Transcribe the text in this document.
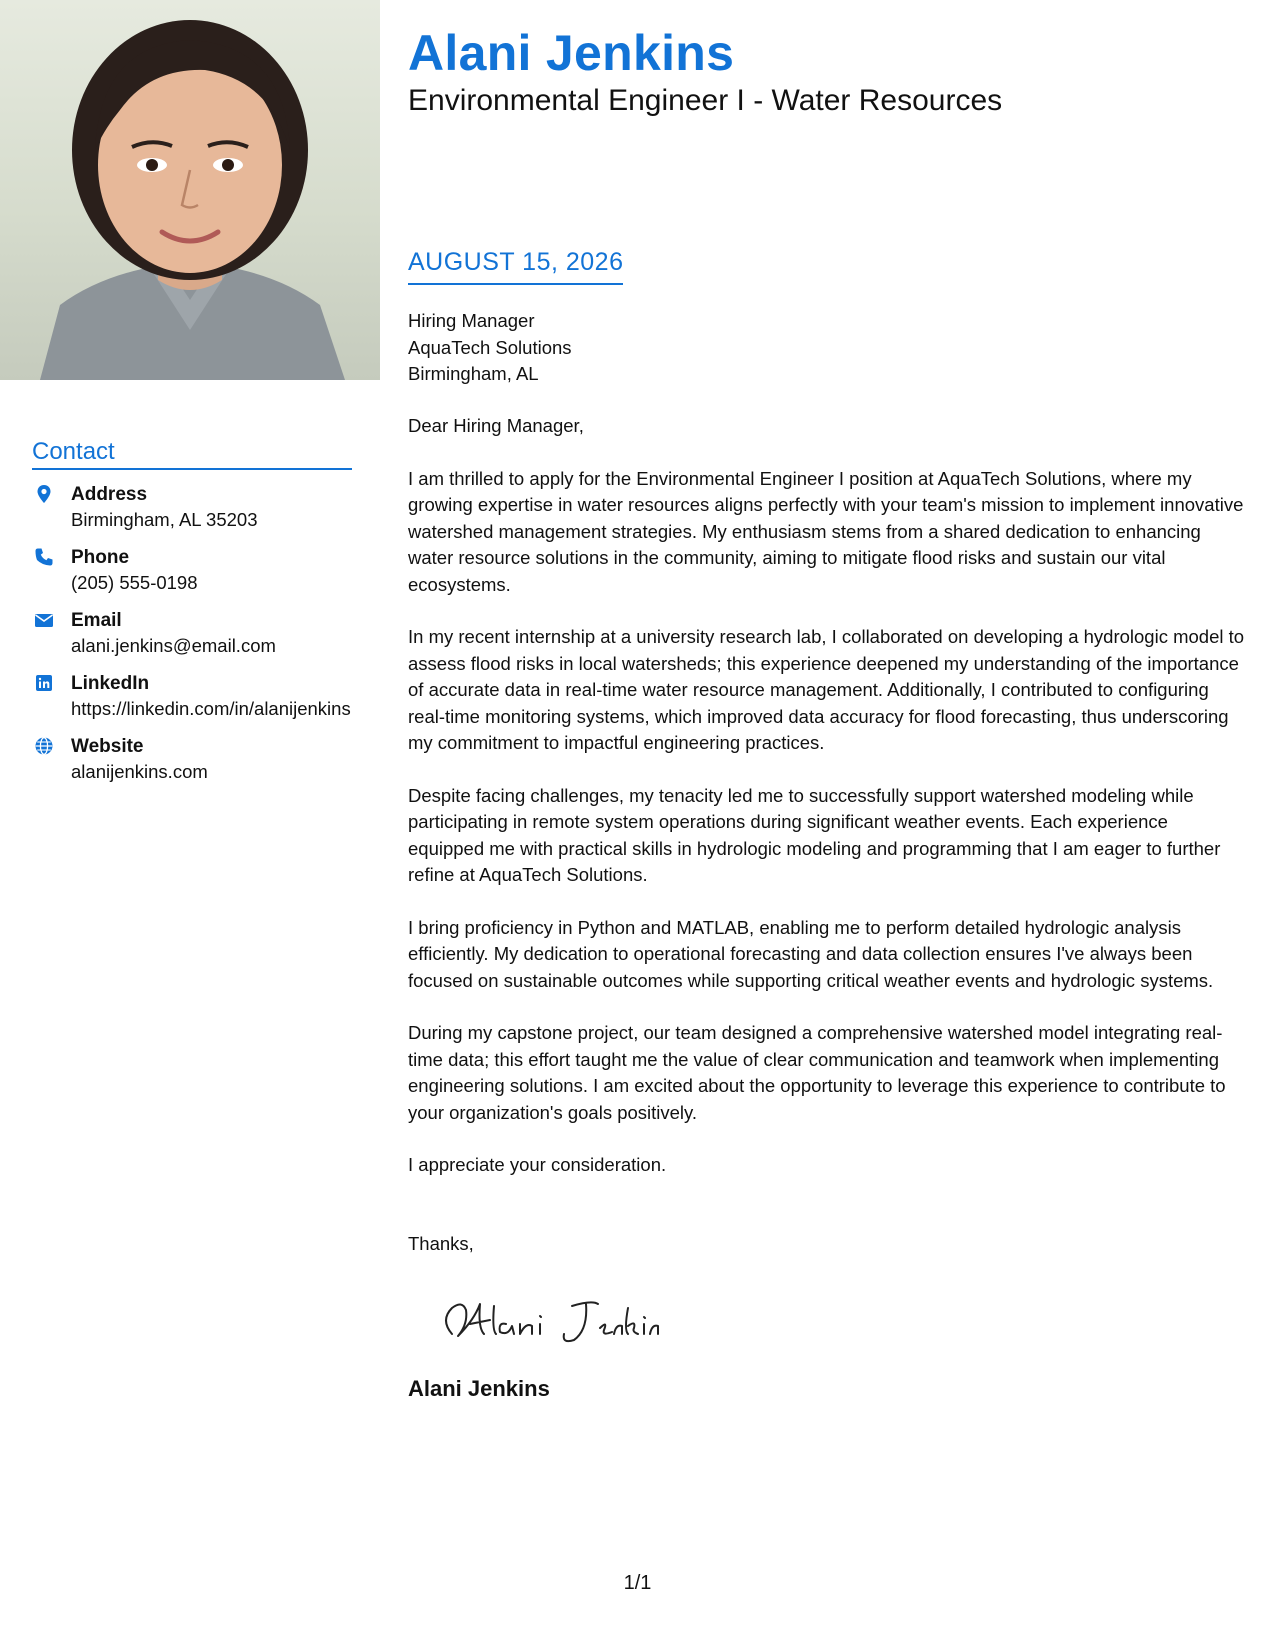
Alani Jenkins
Environmental Engineer I - Water Resources
AUGUST 15, 2026
Hiring Manager
AquaTech Solutions
Birmingham, AL

Dear Hiring Manager,

I am thrilled to apply for the Environmental Engineer I position at AquaTech Solutions, where my growing expertise in water resources aligns perfectly with your team's mission to implement innovative watershed management strategies. My enthusiasm stems from a shared dedication to enhancing water resource solutions in the community, aiming to mitigate flood risks and sustain our vital ecosystems.

In my recent internship at a university research lab, I collaborated on developing a hydrologic model to assess flood risks in local watersheds; this experience deepened my understanding of the importance of accurate data in real-time water resource management. Additionally, I contributed to configuring real-time monitoring systems, which improved data accuracy for flood forecasting, thus underscoring my commitment to impactful engineering practices.

Despite facing challenges, my tenacity led me to successfully support watershed modeling while participating in remote system operations during significant weather events. Each experience equipped me with practical skills in hydrologic modeling and programming that I am eager to further refine at AquaTech Solutions.

I bring proficiency in Python and MATLAB, enabling me to perform detailed hydrologic analysis efficiently. My dedication to operational forecasting and data collection ensures I've always been focused on sustainable outcomes while supporting critical weather events and hydrologic systems.

During my capstone project, our team designed a comprehensive watershed model integrating real-time data; this effort taught me the value of clear communication and teamwork when implementing engineering solutions. I am excited about the opportunity to leverage this experience to contribute to your organization's goals positively.

I appreciate your consideration.

Thanks,
Alani Jenkins
Contact
Address
Birmingham, AL 35203
Phone
(205) 555-0198
Email
alani.jenkins@email.com
LinkedIn
https://linkedin.com/in/alanijenkins
Website
alanijenkins.com
1/1
